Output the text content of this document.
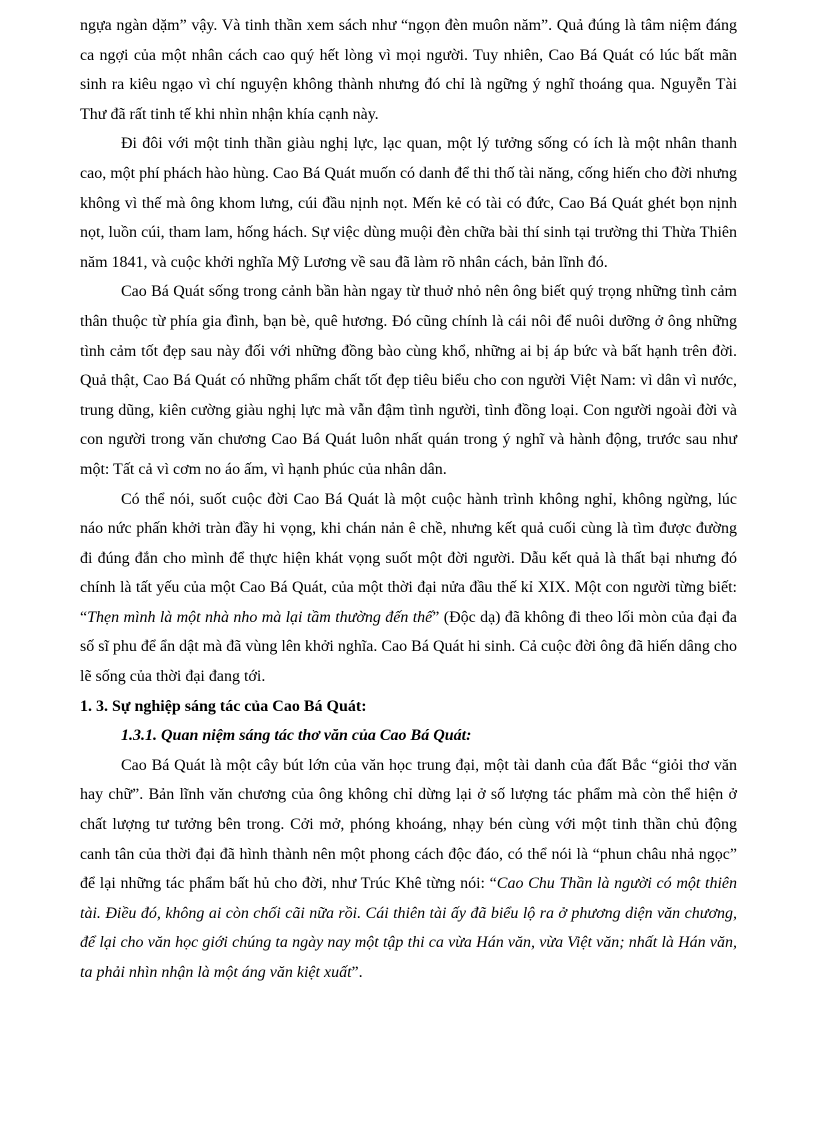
ngựa ngàn dặm” vậy. Và tinh thần xem sách như “ngọn đèn muôn năm”. Quả đúng là tâm niệm đáng ca ngợi của một nhân cách cao quý hết lòng vì mọi người. Tuy nhiên, Cao Bá Quát có lúc bất mãn sinh ra kiêu ngạo vì chí nguyện không thành nhưng đó chỉ là ngững ý nghĩ thoáng qua. Nguyễn Tài Thư đã rất tinh tế khi nhìn nhận khía cạnh này.

Đi đôi với một tinh thần giàu nghị lực, lạc quan, một lý tưởng sống có ích là một nhân thanh cao, một phí phách hào hùng. Cao Bá Quát muốn có danh để thi thố tài năng, cống hiến cho đời nhưng không vì thế mà ông khom lưng, cúi đầu nịnh nọt. Mến kẻ có tài có đức, Cao Bá Quát ghét bọn nịnh nọt, luồn cúi, tham lam, hống hách. Sự việc dùng muội đèn chữa bài thí sinh tại trường thi Thừa Thiên năm 1841, và cuộc khởi nghĩa Mỹ Lương về sau đã làm rõ nhân cách, bản lĩnh đó.

Cao Bá Quát sống trong cảnh bần hàn ngay từ thuở nhỏ nên ông biết quý trọng những tình cảm thân thuộc từ phía gia đình, bạn bè, quê hương. Đó cũng chính là cái nôi để nuôi dưỡng ở ông những tình cảm tốt đẹp sau này đối với những đồng bào cùng khổ, những ai bị áp bức và bất hạnh trên đời. Quả thật, Cao Bá Quát có những phẩm chất tốt đẹp tiêu biểu cho con người Việt Nam: vì dân vì nước, trung dũng, kiên cường giàu nghị lực mà vẫn đậm tình người, tình đồng loại. Con người ngoài đời và con người trong văn chương Cao Bá Quát luôn nhất quán trong ý nghĩ và hành động, trước sau như một: Tất cả vì cơm no áo ấm, vì hạnh phúc của nhân dân.

Có thể nói, suốt cuộc đời Cao Bá Quát là một cuộc hành trình không nghỉ, không ngừng, lúc náo nức phấn khởi tràn đầy hi vọng, khi chán nản ê chề, nhưng kết quả cuối cùng là tìm được đường đi đúng đắn cho mình để thực hiện khát vọng suốt một đời người. Dẫu kết quả là thất bại nhưng đó chính là tất yếu của một Cao Bá Quát, của một thời đại nửa đầu thế kỉ XIX. Một con người từng biết: “Thẹn mình là một nhà nho mà lại tầm thường đến thế” (Độc dạ) đã không đi theo lối mòn của đại đa số sĩ phu để ẩn dật mà đã vùng lên khởi nghĩa. Cao Bá Quát hi sinh. Cả cuộc đời ông đã hiến dâng cho lẽ sống của thời đại đang tới.

1. 3. Sự nghiệp sáng tác của Cao Bá Quát:

1.3.1. Quan niệm sáng tác thơ văn của Cao Bá Quát:

Cao Bá Quát là một cây bút lớn của văn học trung đại, một tài danh của đất Bắc “giỏi thơ văn hay chữ”. Bản lĩnh văn chương của ông không chỉ dừng lại ở số lượng tác phẩm mà còn thể hiện ở chất lượng tư tưởng bên trong. Cởi mở, phóng khoáng, nhạy bén cùng với một tinh thần chủ động canh tân của thời đại đã hình thành nên một phong cách độc đáo, có thể nói là “phun châu nhả ngọc” để lại những tác phẩm bất hủ cho đời, như Trúc Khê từng nói: “Cao Chu Thần là người có một thiên tài. Điều đó, không ai còn chối cãi nữa rồi. Cái thiên tài ấy đã biểu lộ ra ở phương diện văn chương, để lại cho văn học giới chúng ta ngày nay một tập thi ca vừa Hán văn, vừa Việt văn; nhất là Hán văn, ta phải nhìn nhận là một áng văn kiệt xuất”.
